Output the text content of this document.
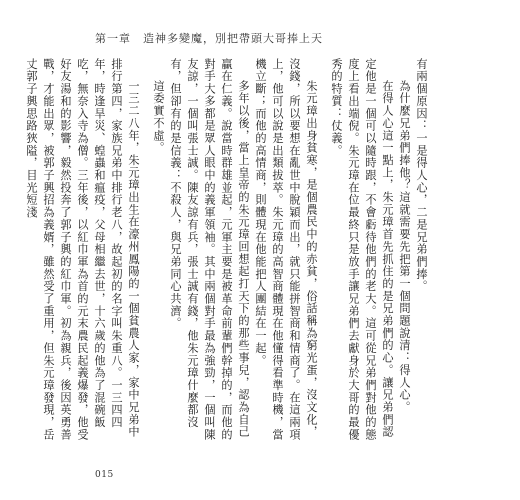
第一章　造神多變魔，別把帶頭大哥捧上天

有兩個原因：一是得人心，二是兄弟們捧。

為什麼兄弟們捧他？這就需要先把第一個問題說清：得人心。

在得人心這一點上，朱元璋首先抓住的是兄弟們的心。讓兄弟們認定他是一個可以隨時跟，不會虧待他們的老大。這可從兄弟們對他的態度上看出端倪。朱元璋在位最終只是放手讓兄弟們去獻身於大哥的最優秀的特質：仗義。

朱元璋出身貧寒，是個農民中的赤貧，俗話稱為窮光蛋，沒文化，沒錢，所以要想在亂世中脫穎而出，就只能拼智商和情商了。在這兩項上，他可以說是出類拔萃。朱元璋的高智商體現在他懂得看準時機，當機立斷；而他的高情商，則體現在他能把人團結在一起。

多年以後，當上皇帝的朱元璋回想起打天下的那些事兒，認為自己贏在仁義。說當時群雄並起，元軍主要是被革命前輩們幹掉的，而他的對手大多都是眾人眼中的義軍領袖。其中兩個對手最為強勁，一個叫陳友諒，一個叫張士誠。陳友諒有兵，張士誠有錢，他朱元璋什麼都沒有，但卻有的是信義：不殺人，與兄弟同心共濟。

這委實不虛。

一三二八年，朱元璋出生在濠州鳳陽的一個貧農人家，家中兄弟中排行第四，家族兄弟中排行老八，故起初的名字叫朱重八。一三四四年，時逢旱災、蝗蟲和瘟疫，父母相繼去世，十六歲的他為了混碗飯吃，無奈入寺為僧。三年後，以紅巾軍為首的元末農民起義爆發，他受好友湯和的影響，毅然投奔了郭子興的紅巾軍。初為親兵，後因英勇善戰，才能出眾，被郭子興招為義婿，雖然受了重用，但朱元璋發現，岳丈郭子興思路狹隘，目光短淺

015
